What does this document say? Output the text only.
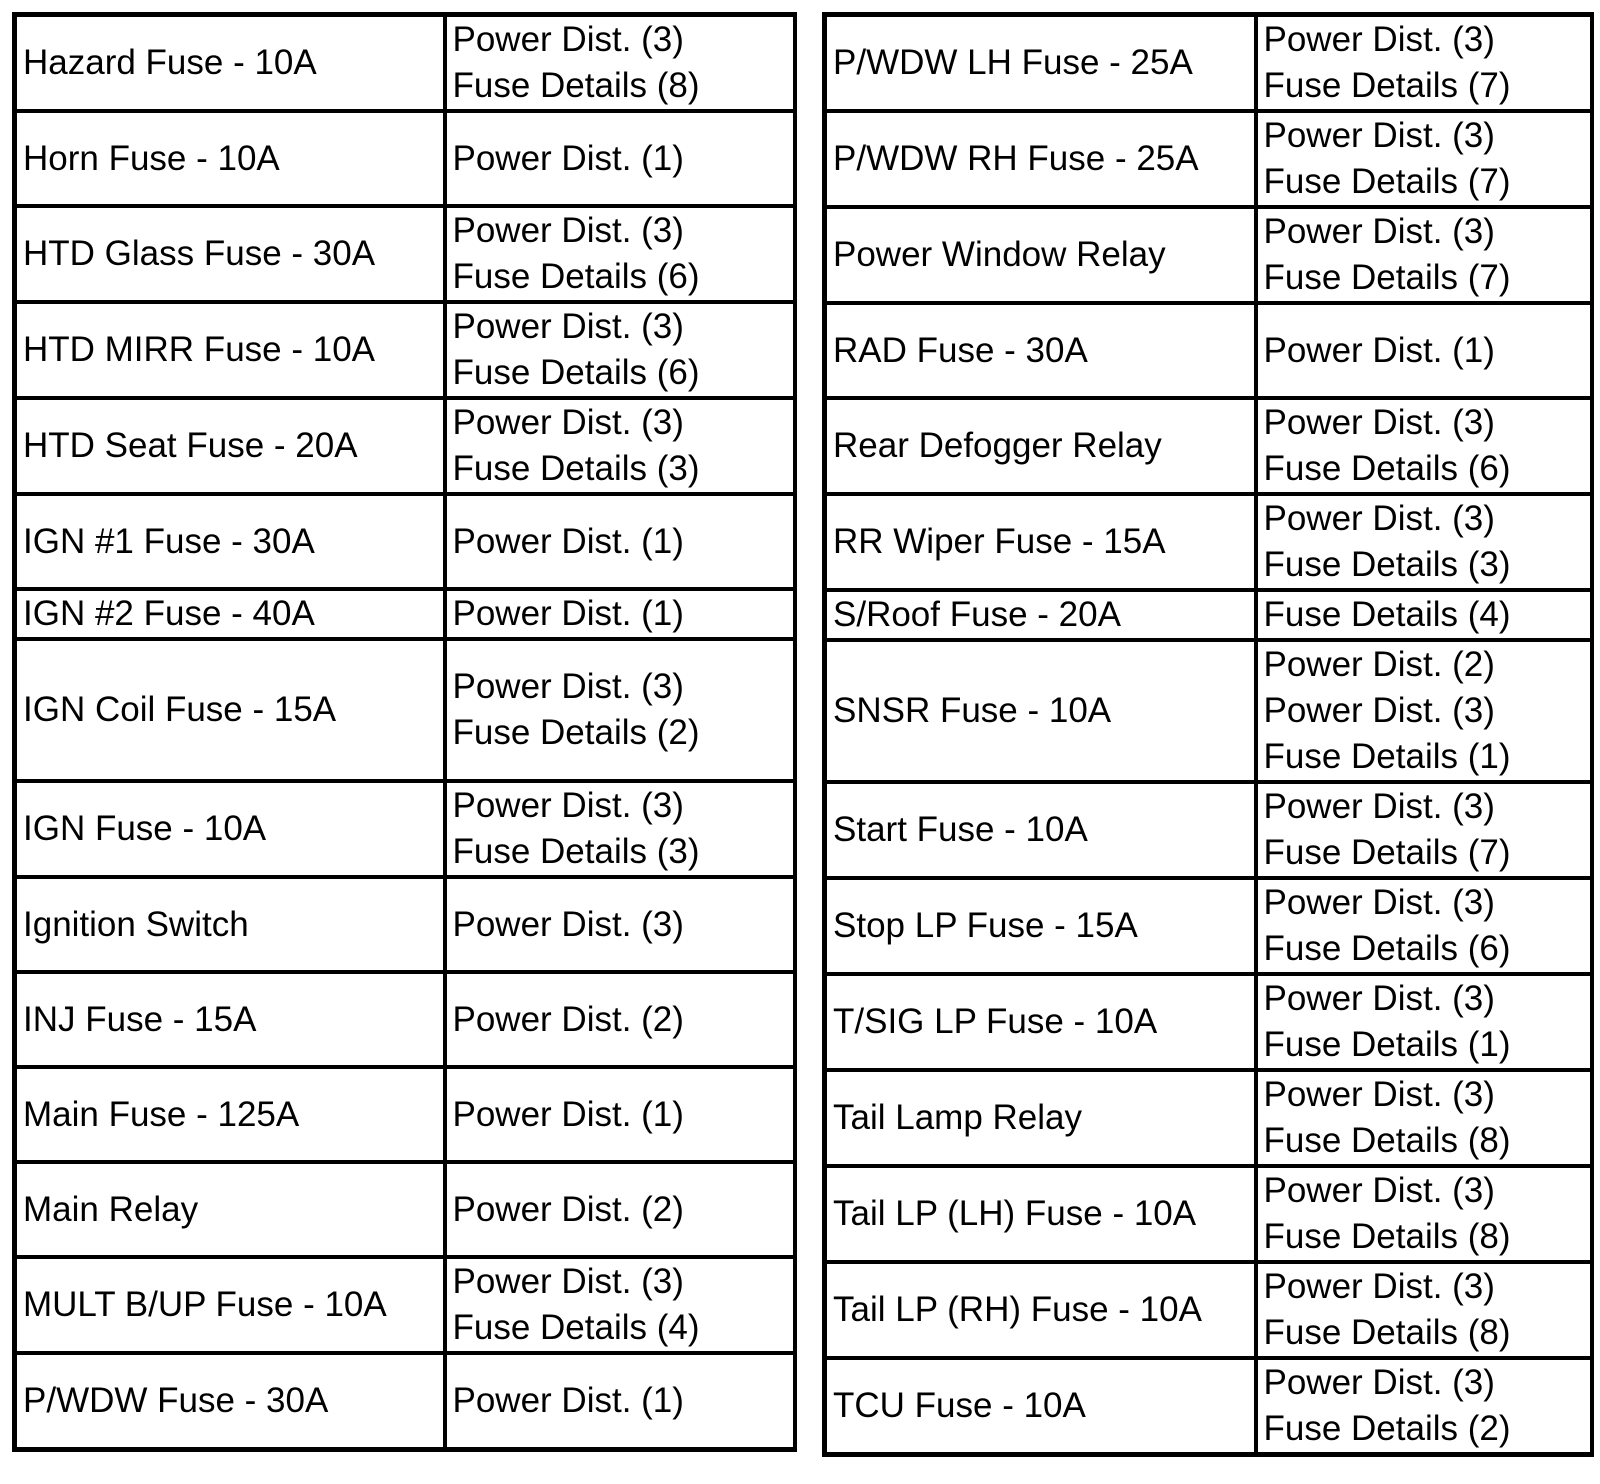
Hazard Fuse - 10A	Power Dist. (3)
Fuse Details (8)

Horn Fuse - 10A	Power Dist. (1)

HTD Glass Fuse - 30A	Power Dist. (3)
Fuse Details (6)

HTD MIRR Fuse - 10A	Power Dist. (3)
Fuse Details (6)

HTD Seat Fuse - 20A	Power Dist. (3)
Fuse Details (3)

IGN #1 Fuse - 30A	Power Dist. (1)

IGN #2 Fuse - 40A	Power Dist. (1)

IGN Coil Fuse - 15A	Power Dist. (3)
Fuse Details (2)

IGN Fuse - 10A	Power Dist. (3)
Fuse Details (3)

Ignition Switch	Power Dist. (3)

INJ Fuse - 15A	Power Dist. (2)

Main Fuse - 125A	Power Dist. (1)

Main Relay	Power Dist. (2)

MULT B/UP Fuse - 10A	Power Dist. (3)
Fuse Details (4)

P/WDW Fuse - 30A	Power Dist. (1)
P/WDW LH Fuse - 25A	Power Dist. (3)
Fuse Details (7)

P/WDW RH Fuse - 25A	Power Dist. (3)
Fuse Details (7)

Power Window Relay	Power Dist. (3)
Fuse Details (7)

RAD Fuse - 30A	Power Dist. (1)

Rear Defogger Relay	Power Dist. (3)
Fuse Details (6)

RR Wiper Fuse - 15A	Power Dist. (3)
Fuse Details (3)

S/Roof Fuse - 20A	Fuse Details (4)

SNSR Fuse - 10A	Power Dist. (2)
Power Dist. (3)
Fuse Details (1)

Start Fuse - 10A	Power Dist. (3)
Fuse Details (7)

Stop LP Fuse - 15A	Power Dist. (3)
Fuse Details (6)

T/SIG LP Fuse - 10A	Power Dist. (3)
Fuse Details (1)

Tail Lamp Relay	Power Dist. (3)
Fuse Details (8)

Tail LP (LH) Fuse - 10A	Power Dist. (3)
Fuse Details (8)

Tail LP (RH) Fuse - 10A	Power Dist. (3)
Fuse Details (8)

TCU Fuse - 10A	Power Dist. (3)
Fuse Details (2)
